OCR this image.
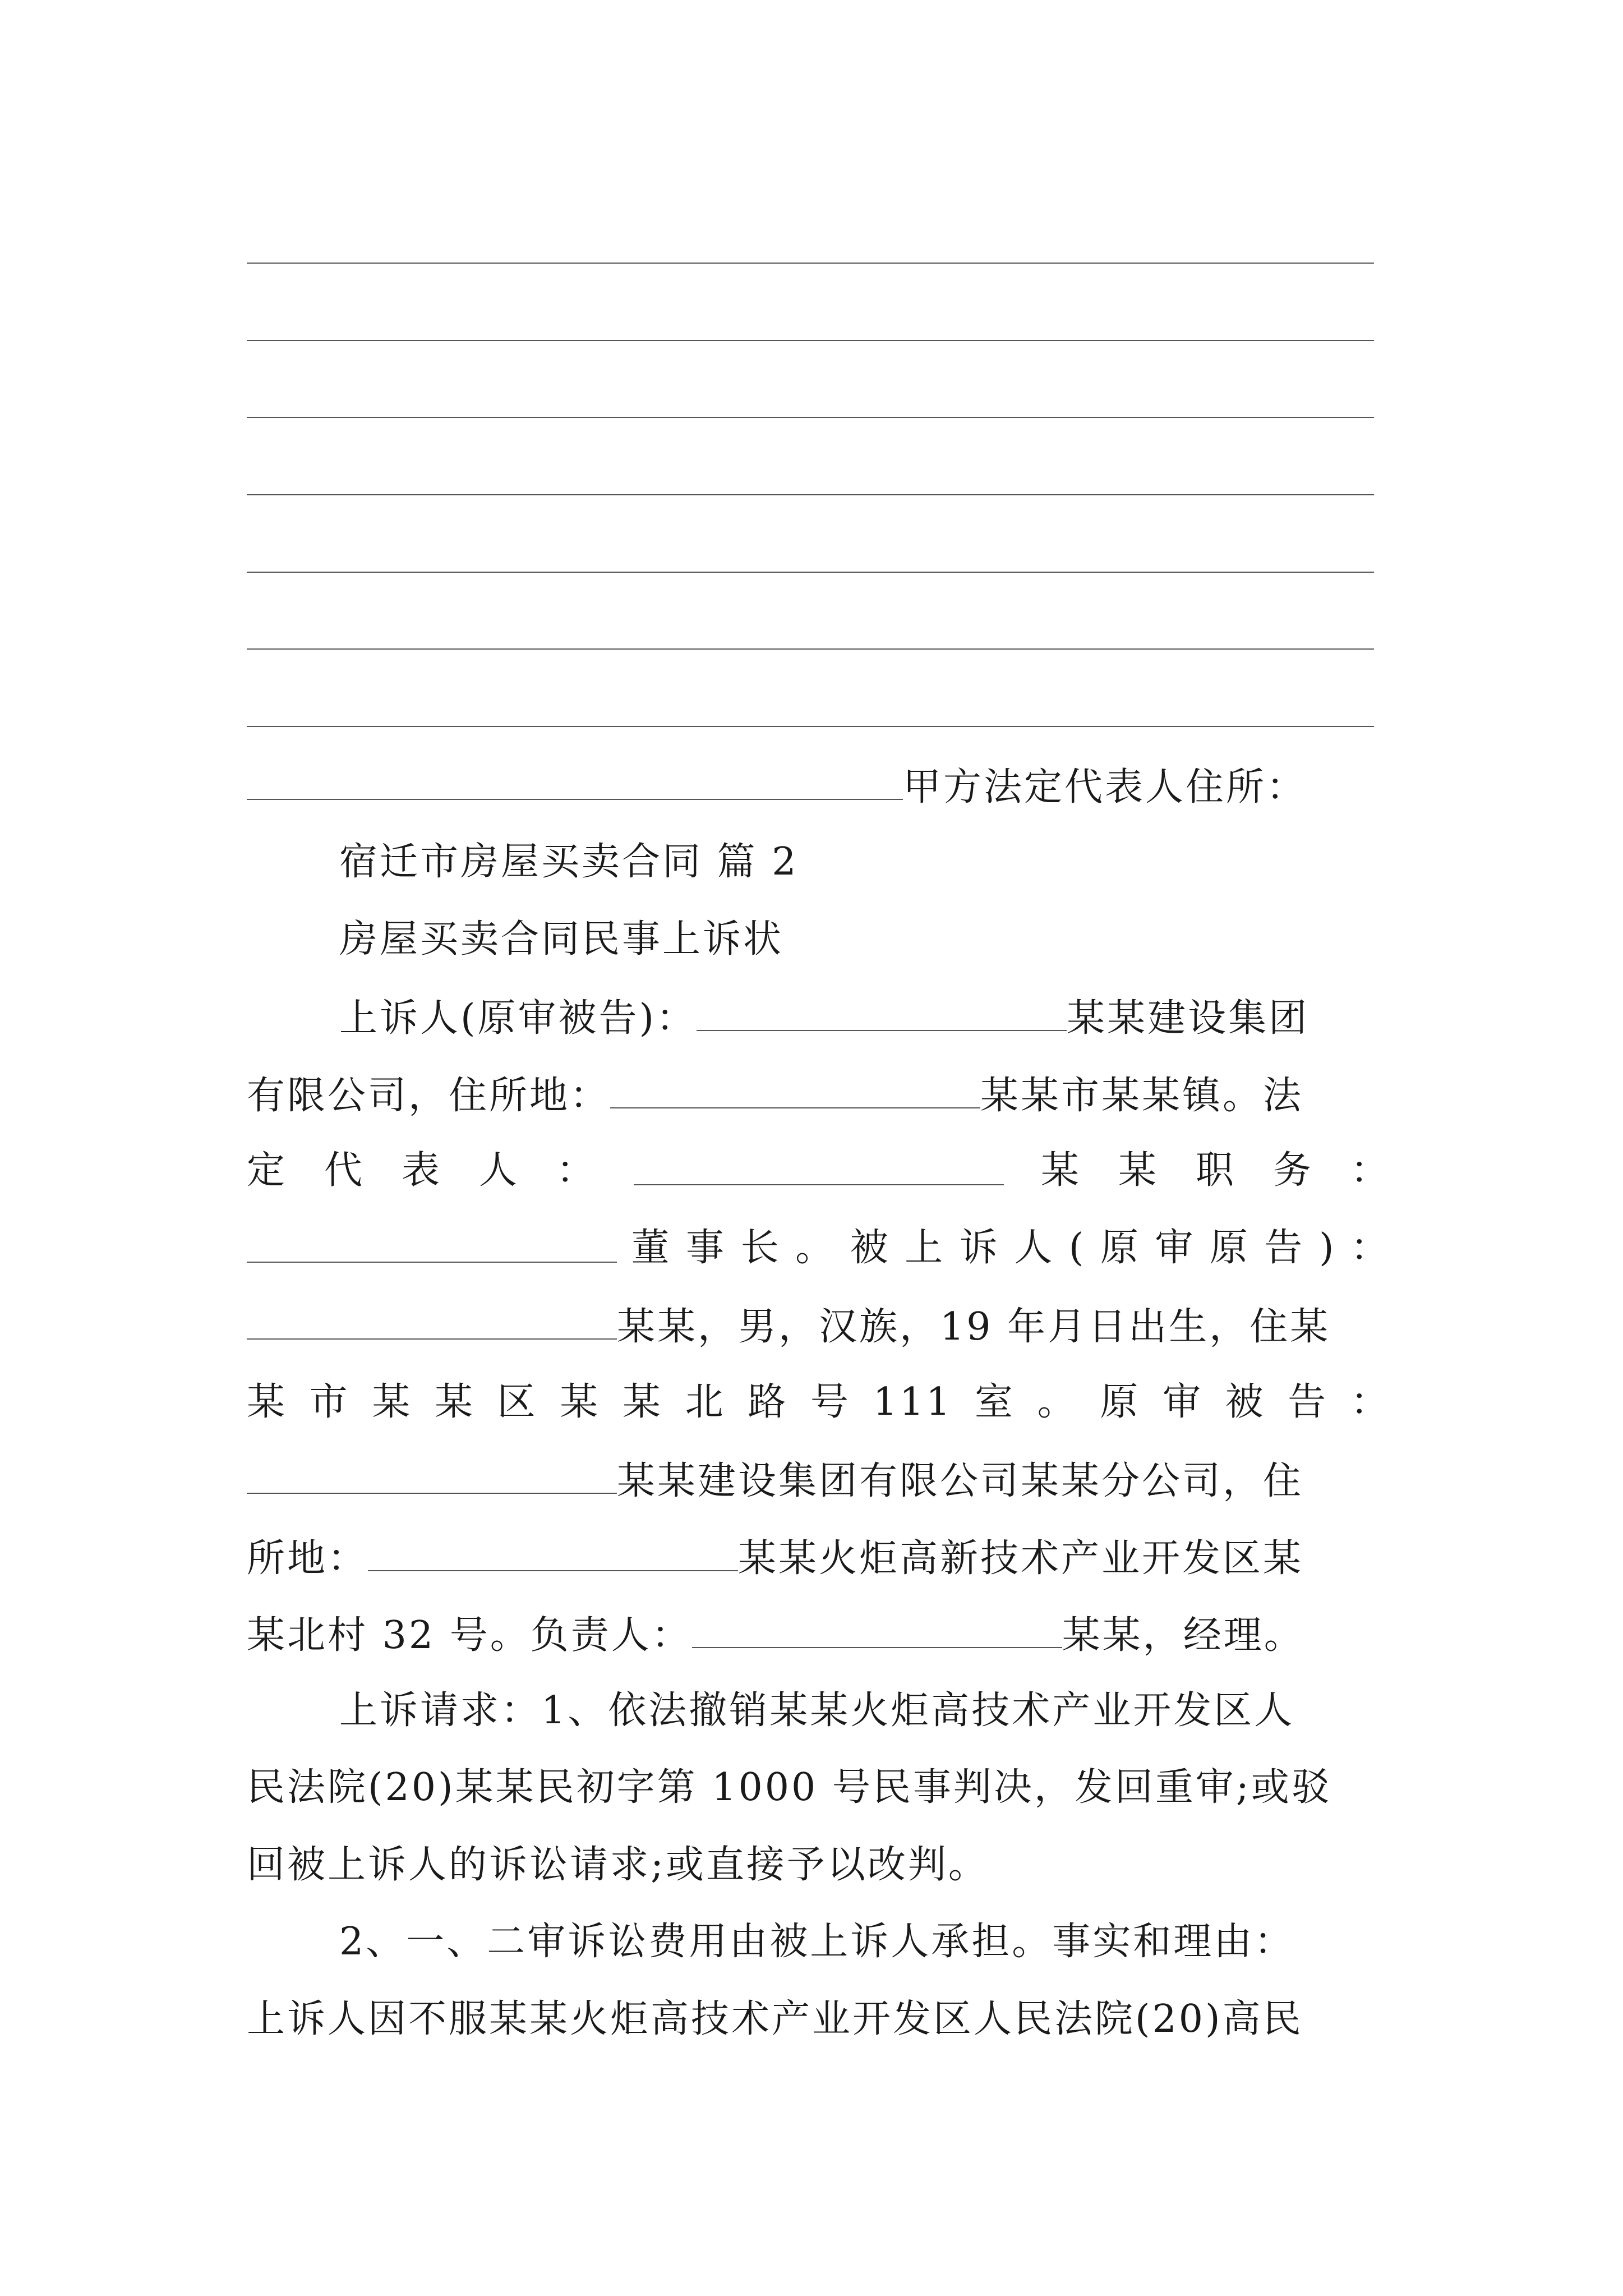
甲方法定代表人住所：
宿迁市房屋买卖合同 篇 2
房屋买卖合同民事上诉状
上诉人(原审被告)：	某某建设集团
有限公司，住所地：	某某市某某镇。法
定 代 表 人 ：	某 某 职 务 ：
董 事 长 。 被 上 诉 人 ( 原 审 原 告 ) ：
某某，男，汉族，19 年月日出生，住某
某 市 某 某 区 某 某 北 路 号 111 室 。 原 审 被 告 ：
某某建设集团有限公司某某分公司，住
所地：	某某火炬高新技术产业开发区某
某北村 32 号。负责人：	某某，经理。
上诉请求：1、依法撤销某某火炬高技术产业开发区人
民法院(20)某某民初字第 1000 号民事判决，发回重审;或驳
回被上诉人的诉讼请求;或直接予以改判。
2、一、二审诉讼费用由被上诉人承担。事实和理由：
上诉人因不服某某火炬高技术产业开发区人民法院(20)高民
